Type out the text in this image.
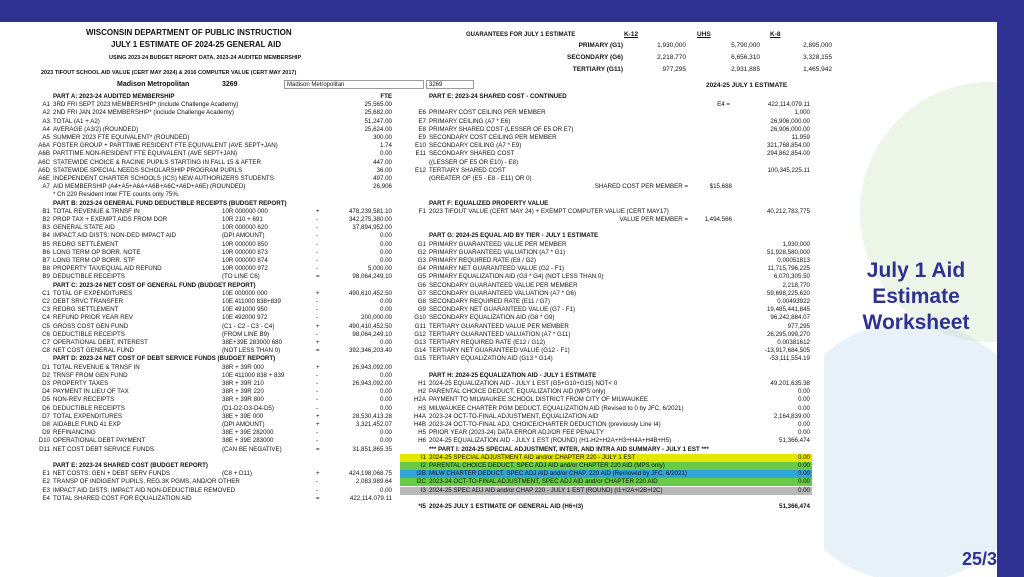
WISCONSIN DEPARTMENT OF PUBLIC INSTRUCTION
JULY 1 ESTIMATE OF 2024-25 GENERAL AID
USING 2023-24 BUDGET REPORT DATA, 2023-24 AUDITED MEMBERSHIP
2023 TIFOUT SCHOOL AID VALUE (CERT MAY 2024) & 2016 COMPUTER VALUE (CERT MAY 2017)
Madison Metropolitan	3269	Madison Metropolitan	3269
GUARANTEES FOR JULY 1 ESTIMATE	K-12	UHS	K-8
PRIMARY (G1)	1,930,000	5,790,000	2,895,000
SECONDARY (G6)	2,218,770	6,656,310	3,328,155
TERTIARY (G11)	977,295	2,931,885	1,465,942
2024-25 JULY 1 ESTIMATE
PART A: 2023-24 AUDITED MEMBERSHIP	FTE
A1 3RD FRI SEPT 2023 MEMBERSHIP* (include Challenge Academy)	25,565.00
A2 2ND FRI JAN 2024 MEMBERSHIP* (include Challenge Academy)	25,682.00
A3 TOTAL (A1 + A2)	51,247.00
A4 AVERAGE (A3/2) (ROUNDED)	25,624.00
A5 SUMMER 2023 FTE EQUIVALENT* (ROUNDED)	300.00
A6A FOSTER GROUP + PARTTIME RESIDENT FTE EQUIVALENT (AVE SEPT+JAN)	1.74
A6B PARTTIME NON-RESIDENT FTE EQUIVALENT (AVE SEPT+JAN)	0.00
A6C STATEWIDE CHOICE & RACINE PUPILS STARTING IN FALL 15 & AFTER	447.00
A6D STATEWIDE SPECIAL NEEDS SCHOLARSHIP PROGRAM PUPILS	36.00
A6E INDEPENDENT CHARTER SCHOOLS (ICS) NEW AUTHORIZERS STUDENTS	497.00
A7 AID MEMBERSHIP (A4+A5+A6A+A6B+A6C+A6D+A6E) (ROUNDED)	26,906
* Ch 220 Resident Inter FTE counts only 75%.
PART B: 2023-24 GENERAL FUND DEDUCTIBLE RECEIPTS (BUDGET REPORT)
B1 TOTAL REVENUE & TRNSF IN	10R 000000 000	+	478,239,581.10
B2 PROP TAX + EXEMPT AIDS FROM DOR	10R 210 + 691	-	342,275,380.00
B3 GENERAL STATE AID	10R 000000 620	-	37,894,952.00
B4 IMPACT AID DISTS: NON-DED IMPACT AID	(DPI AMOUNT)	-	0.00
B5 REORG SETTLEMENT	10R 000000 850	-	0.00
B6 LONG TERM OP BORR. NOTE	10R 000000 873	-	0.00
B7 LONG TERM OP BORR. STF	10R 000000 874	-	0.00
B8 PROPERTY TAX/EQUAL AID REFUND	10R 000000 972	-	5,000.00
B9 DEDUCTIBLE RECEIPTS	(TO LINE C6)	=	98,064,249.10
PART C: 2023-24 NET COST OF GENERAL FUND (BUDGET REPORT)
C1 TOTAL GF EXPENDITURES	10E 000000 000	+	490,610,452.50
C2 DEBT SRVC TRANSFER	10E 411000 838+839	-	0.00
C3 REORG SETTLEMENT	10E 491000 950	-	0.00
C4 REFUND PRIOR YEAR REV	10E 492000 972	-	200,000.00
C5 GROSS COST GEN FUND	(C1 - C2 - C3 - C4)	+	490,410,452.50
C6 DEDUCTIBLE RECEIPTS	(FROM LINE B9)	-	98,064,249.10
C7 OPERATIONAL DEBT, INTEREST	38E+39E 283000 680	+	0.00
C8 NET COST GENERAL FUND	(NOT LESS THAN 0)	=	392,346,203.40
PART D: 2023-24 NET COST OF DEBT SERVICE FUNDS (BUDGET REPORT)
D1 TOTAL REVENUE & TRNSF IN	38R + 39R 000	+	26,943,092.00
D2 TRNSF FROM GEN FUND	10E 411000 838 + 839	-	0.00
D3 PROPERTY TAXES	38R + 39R 210	-	26,943,092.00
D4 PAYMENT IN LIEU OF TAX	38R + 39R 220	-	0.00
D5 NON-REV RECEIPTS	38R + 39R 800	-	0.00
D6 DEDUCTIBLE RECEIPTS	(D1-D2-D3-D4-D5)	-	0.00
D7 TOTAL EXPENDITURES	38E + 39E 000	+	28,530,413.28
D8 AIDABLE FUND 41 EXP	(DPI AMOUNT)	+	3,321,452.07
D9 REFINANCING	38E + 39E 282000	-	0.00
D10 OPERATIONAL DEBT PAYMENT	38E + 39E 283000	-	0.00
D11 NET COST DEBT SERVICE FUNDS	(CAN BE NEGATIVE)	=	31,851,865.35
PART E: 2023-24 SHARED COST (BUDGET REPORT)
E1 NET COSTS: GEN + DEBT SERV FUNDS	(C8 + D11)	+	424,198,068.75
E2 TRANSP OF INDIGENT PUPILS, REG.3K PGMS, AND/OR OTHER	-	2,083,989.64
E3 IMPACT AID DISTS: IMPACT AID NON-DEDUCTIBLE REMOVED	-	0.00
E4 TOTAL SHARED COST FOR EQUALIZATION AID	=	422,114,079.11
PART E: 2023-24 SHARED COST - CONTINUED
E4 =	422,114,079.11
E6 PRIMARY COST CEILING PER MEMBER	1,000
E7 PRIMARY CEILING (A7 * E6)	26,906,000.00
E8 PRIMARY SHARED COST (LESSER OF E5 OR E7)	26,906,000.00
E9 SECONDARY COST CEILING PER MEMBER	11,959
E10 SECONDARY CEILING (A7 * E9)	321,768,854.00
E11 SECONDARY SHARED COST	294,862,854.00
((LESSER OF E5 OR E10) - E8)
E12 TERTIARY SHARED COST	100,345,225.11
(GREATER OF (E5 - E8 - E11) OR 0)
SHARED COST PER MEMBER =	$15,688
PART F: EQUALIZED PROPERTY VALUE
F1 2023 TIFOUT VALUE (CERT MAY 24) + EXEMPT COMPUTER VALUE (CERT MAY17)	40,212,783,775
VALUE PER MEMBER =	1,494,566
PART G: 2024-25 EQUAL AID BY TIER - JULY 1 ESTIMATE
G1 PRIMARY GUARANTEED VALUE PER MEMBER	1,930,000
G2 PRIMARY GUARANTEED VALUATION (A7 * G1)	51,928,580,000
G3 PRIMARY REQUIRED RATE (E8 / G2)	0.00051813
G4 PRIMARY NET GUARANTEED VALUE (G2 - F1)	11,715,796,225
G5 PRIMARY EQUALIZATION AID (G3 * G4) (NOT LESS THAN 0)	6,070,305.50
G6 SECONDARY GUARANTEED VALUE PER MEMBER	2,218,770
G7 SECONDARY GUARANTEED VALUATION (A7 * G6)	59,698,225,620
G8 SECONDARY REQUIRED RATE (E11 / G7)	0.00493922
G9 SECONDARY NET GUARANTEED VALUE (G7 - F1)	19,485,441,845
G10 SECONDARY EQUALIZATION AID (G8 * G9)	96,242,884.07
G11 TERTIARY GUARANTEED VALUE PER MEMBER	977,295
G12 TERTIARY GUARANTEED VALUATION (A7 * G11)	26,295,099,270
G13 TERTIARY REQUIRED RATE (E12 / G12)	0.00381612
G14 TERTIARY NET GUARANTEED VALUE (G12 - F1)	-13,917,684,505
G15 TERTIARY EQUALIZATION AID (G13 * G14)	-53,111,554.19
PART H: 2024-25 EQUALIZATION AID - JULY 1 ESTIMATE
H1 2024-25 EQUALIZATION AID - JULY 1 EST (G5+G10+G15) NOT< 0	49,201,635.38
H2 PARENTAL CHOICE DEDUCT. EQUALIZATION AID (MPS only)	0.00
H2A PAYMENT TO MILWAUKEE SCHOOL DISTRICT FROM CITY OF MILWAUKEE	0.00
H3 MILWAUKEE CHARTER PGM DEDUCT. EQUALIZATION AID (Revised to 0 by JFC, 6/2021)	0.00
H4A 2023-24 OCT-TO-FINAL ADJUSTMENT, EQUALIZATION AID	2,164,839.00
H4B 2023-24 OCT-TO-FINAL ADJ, CHOICE/CHARTER DEDUCTION (previously Line I4)	0.00
H5 PRIOR YEAR (2023-24) DATA ERROR ADJ/OR FEE PENALTY	0.00
H6 2024-25 EQUALIZATION AID - JULY 1 EST (ROUND) (H1-H2+H2A+H3+H4A+H4B+H5)	51,366,474
*** PART I: 2024-25 SPECIAL ADJUSTMENT, INTER, AND INTRA AID SUMMARY - JULY 1 EST ***
I1 2024-25 SPECIAL ADJUSTMENT AID and/or CHAPTER 220 - JULY 1 EST	0.00
I2 PARENTAL CHOICE DEDUCT. SPEC ADJ AID and/or CHAPTER 220 AID (MPS only)	0.00
I2B MILW CHARTER DEDUCT. SPEC ADJ AID and/or CHAP. 220 AID (Removed by JFC, 6/2021)	0.00
I2C 2023-24 OCT-TO-FINAL ADJUSTMENT, SPEC ADJ AID and/or CHAPTER 220 AID	0.00
I3 2024-25 SPEC ADJ AID and/or CHAP 220 - JULY 1 EST (ROUND) (I1+I2A+I2B+I2C)	0.00
*I5 2024-25 JULY 1 ESTIMATE OF GENERAL AID (H6+I3)	51,366,474
July 1 Aid Estimate Worksheet
25/3
